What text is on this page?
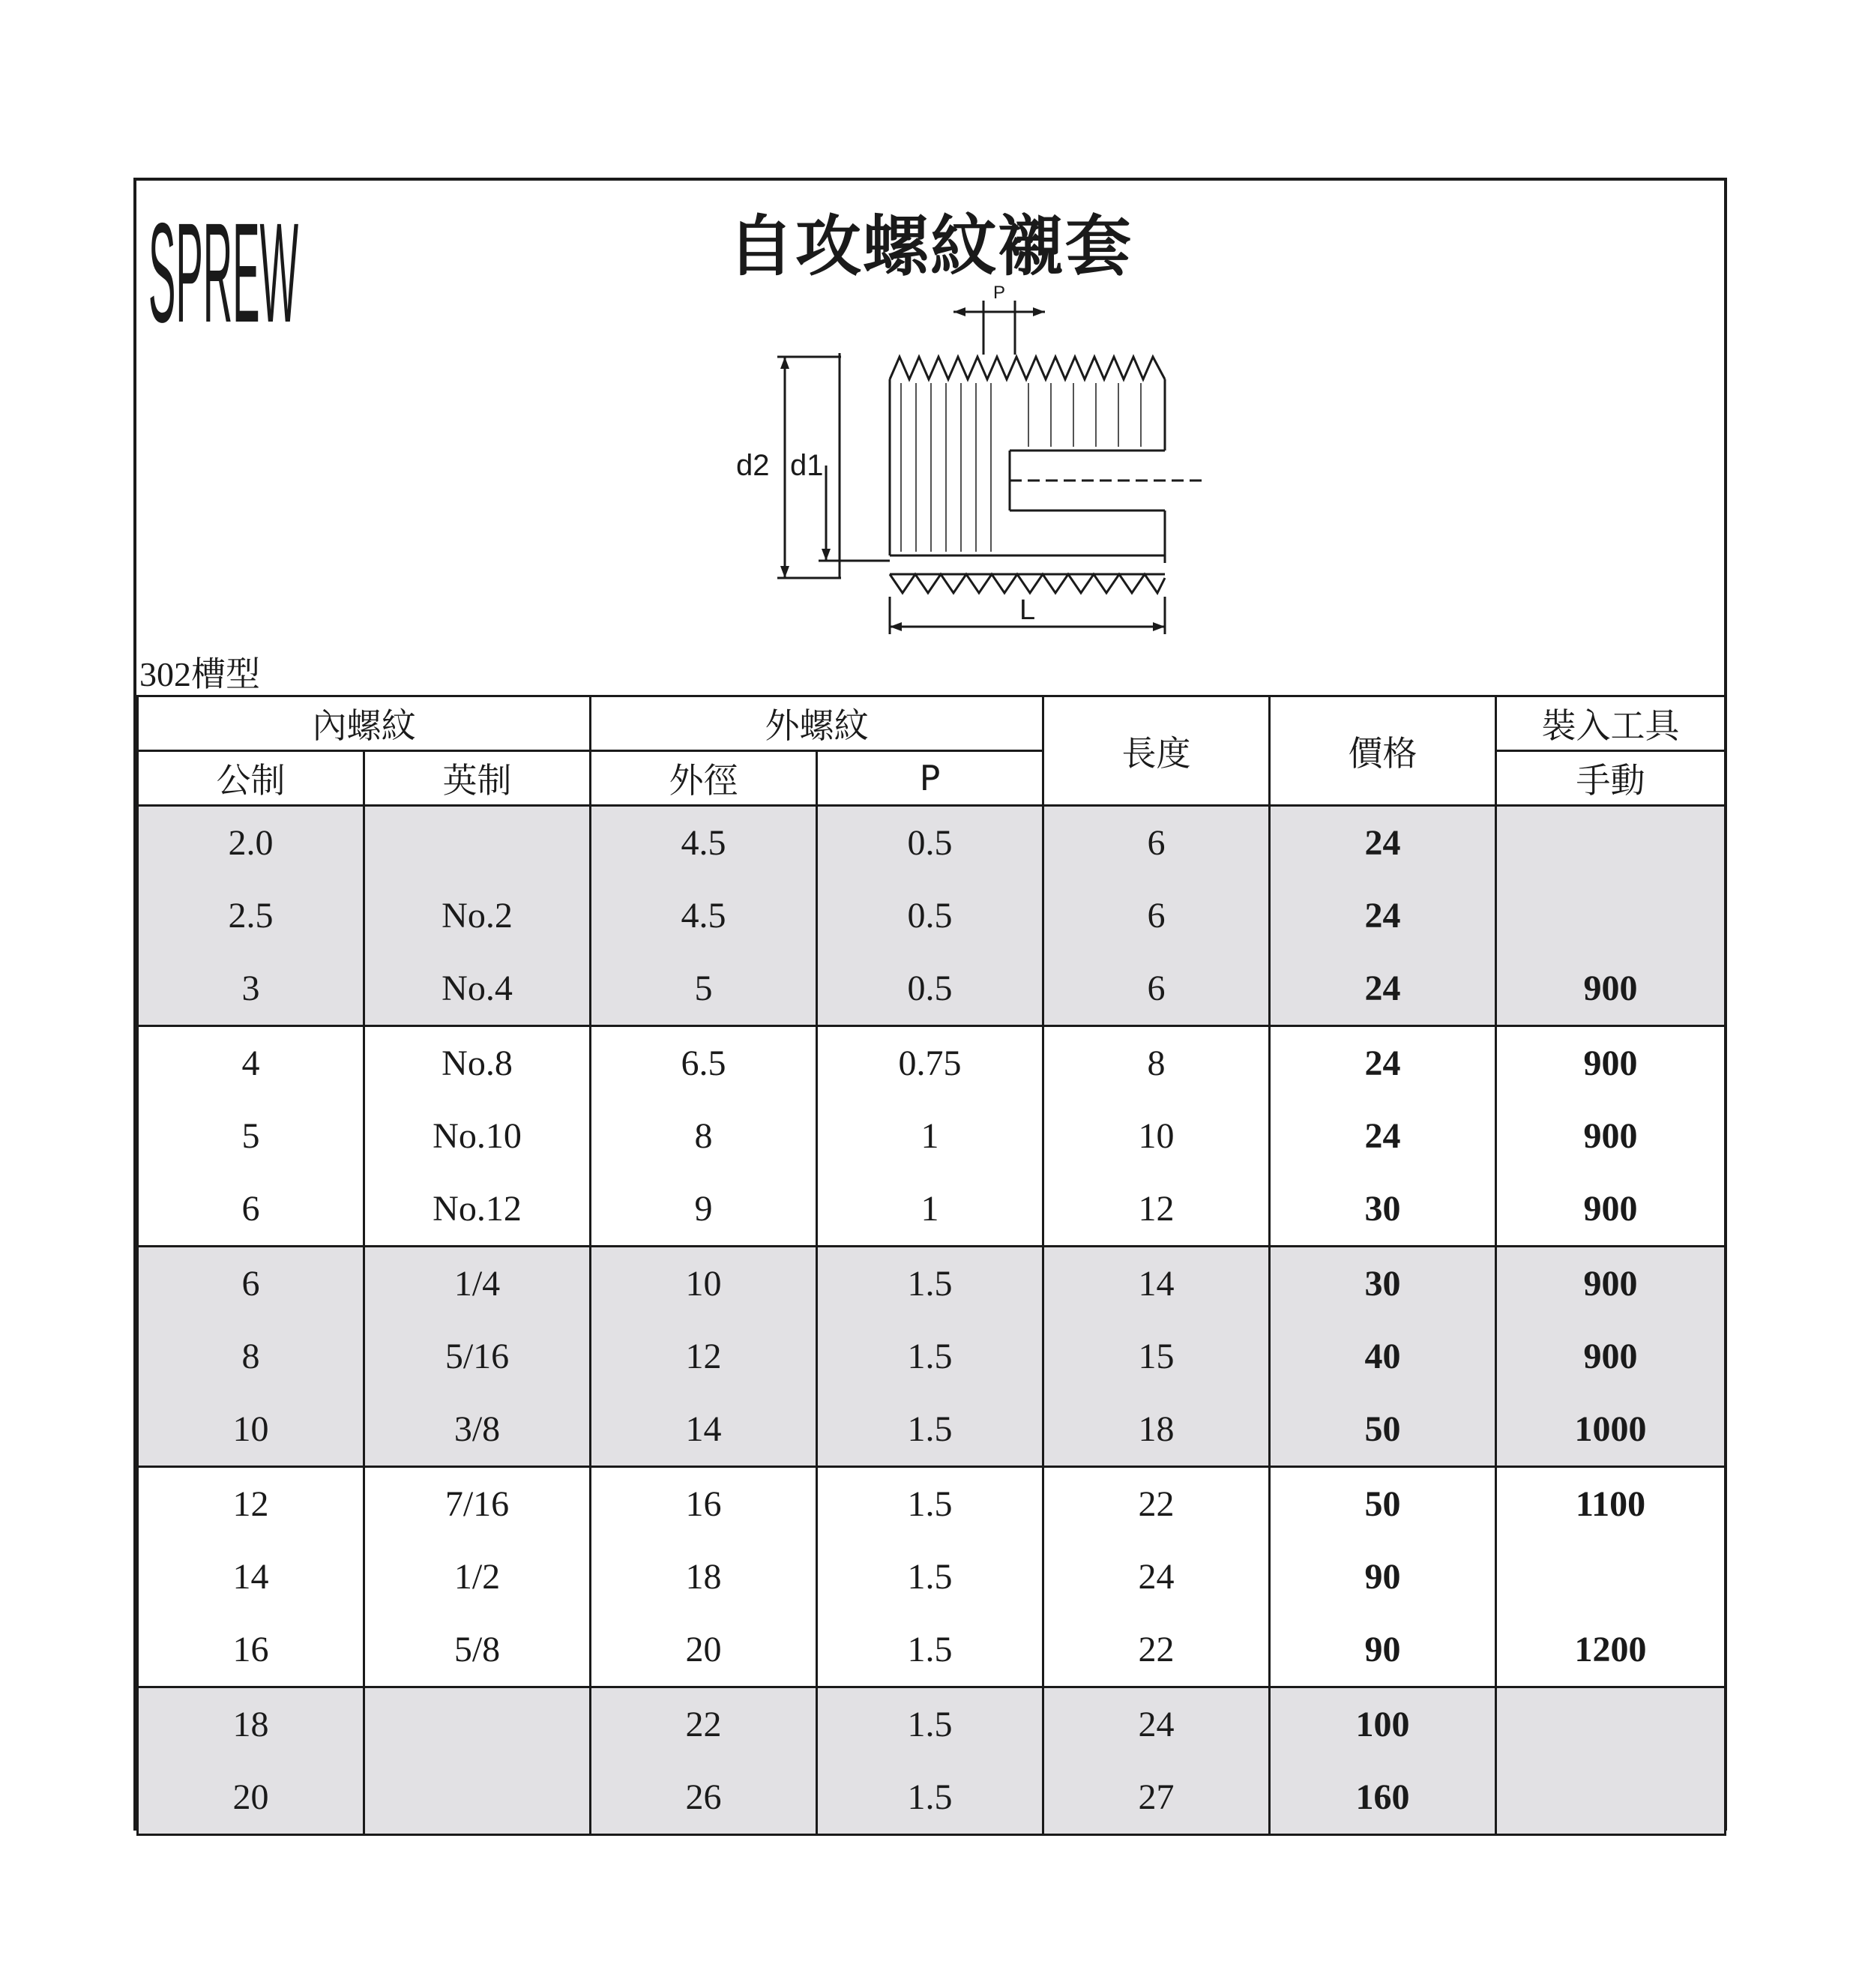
SPREW	自攻螺紋襯套
P
d2 d1
L
302槽型
內螺紋		外螺紋		長度	價格	裝入工具
公制	英制	外徑	P			手動
2.0		4.5	0.5	6	24	
2.5	No.2	4.5	0.5	6	24	
3	No.4	5	0.5	6	24	900
4	No.8	6.5	0.75	8	24	900
5	No.10	8	1	10	24	900
6	No.12	9	1	12	30	900
6	1/4	10	1.5	14	30	900
8	5/16	12	1.5	15	40	900
10	3/8	14	1.5	18	50	1000
12	7/16	16	1.5	22	50	1100
14	1/2	18	1.5	24	90	
16	5/8	20	1.5	22	90	1200
18		22	1.5	24	100	
20		26	1.5	27	160	
